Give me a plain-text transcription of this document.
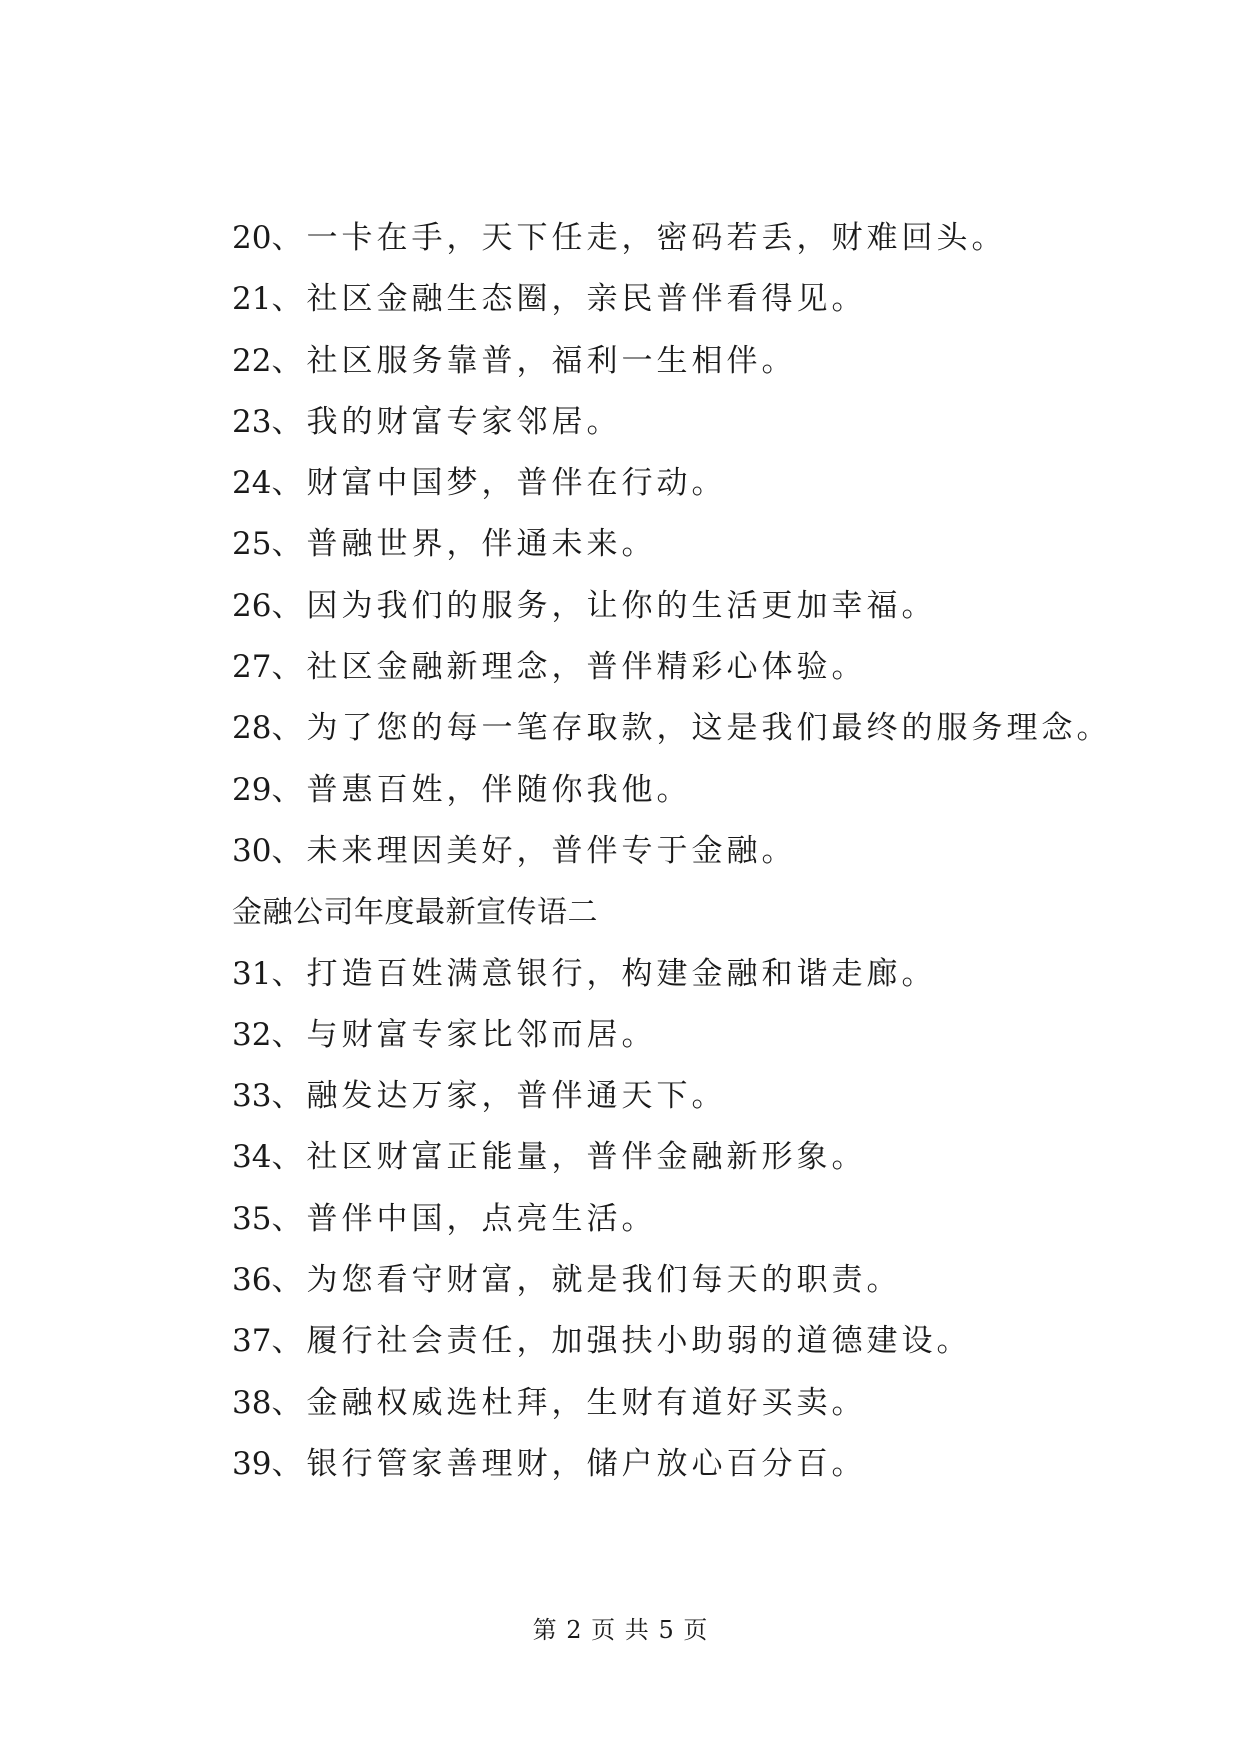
20、一卡在手，天下任走，密码若丢，财难回头。
21、社区金融生态圈，亲民普伴看得见。
22、社区服务靠普，福利一生相伴。
23、我的财富专家邻居。
24、财富中国梦，普伴在行动。
25、普融世界，伴通未来。
26、因为我们的服务，让你的生活更加幸福。
27、社区金融新理念，普伴精彩心体验。
28、为了您的每一笔存取款，这是我们最终的服务理念。
29、普惠百姓，伴随你我他。
30、未来理因美好，普伴专于金融。
金融公司年度最新宣传语二
31、打造百姓满意银行，构建金融和谐走廊。
32、与财富专家比邻而居。
33、融发达万家，普伴通天下。
34、社区财富正能量，普伴金融新形象。
35、普伴中国，点亮生活。
36、为您看守财富，就是我们每天的职责。
37、履行社会责任，加强扶小助弱的道德建设。
38、金融权威选杜拜，生财有道好买卖。
39、银行管家善理财，储户放心百分百。
第 2 页 共 5 页
